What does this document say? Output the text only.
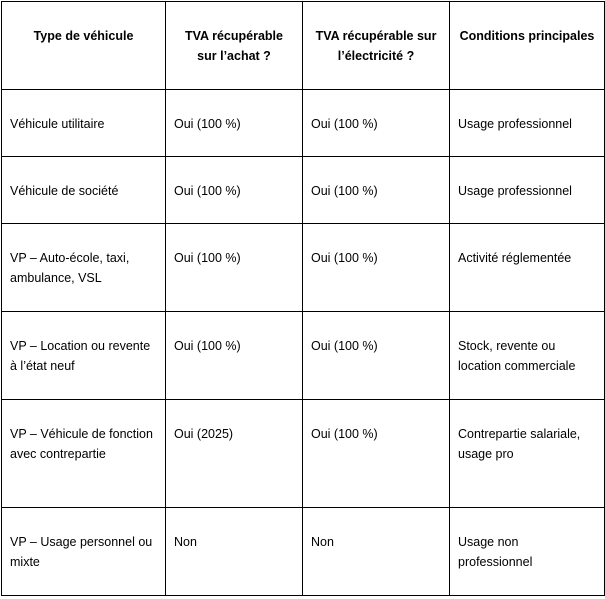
Type de véhicule	TVA récupérable sur l’achat ?	TVA récupérable sur l’électricité ?	Conditions principales
Véhicule utilitaire	Oui (100 %)	Oui (100 %)	Usage professionnel
Véhicule de société	Oui (100 %)	Oui (100 %)	Usage professionnel
VP – Auto-école, taxi, ambulance, VSL	Oui (100 %)	Oui (100 %)	Activité réglementée
VP – Location ou revente à l’état neuf	Oui (100 %)	Oui (100 %)	Stock, revente ou location commerciale
VP – Véhicule de fonction avec contrepartie	Oui (2025)	Oui (100 %)	Contrepartie salariale, usage pro
VP – Usage personnel ou mixte	Non	Non	Usage non professionnel
